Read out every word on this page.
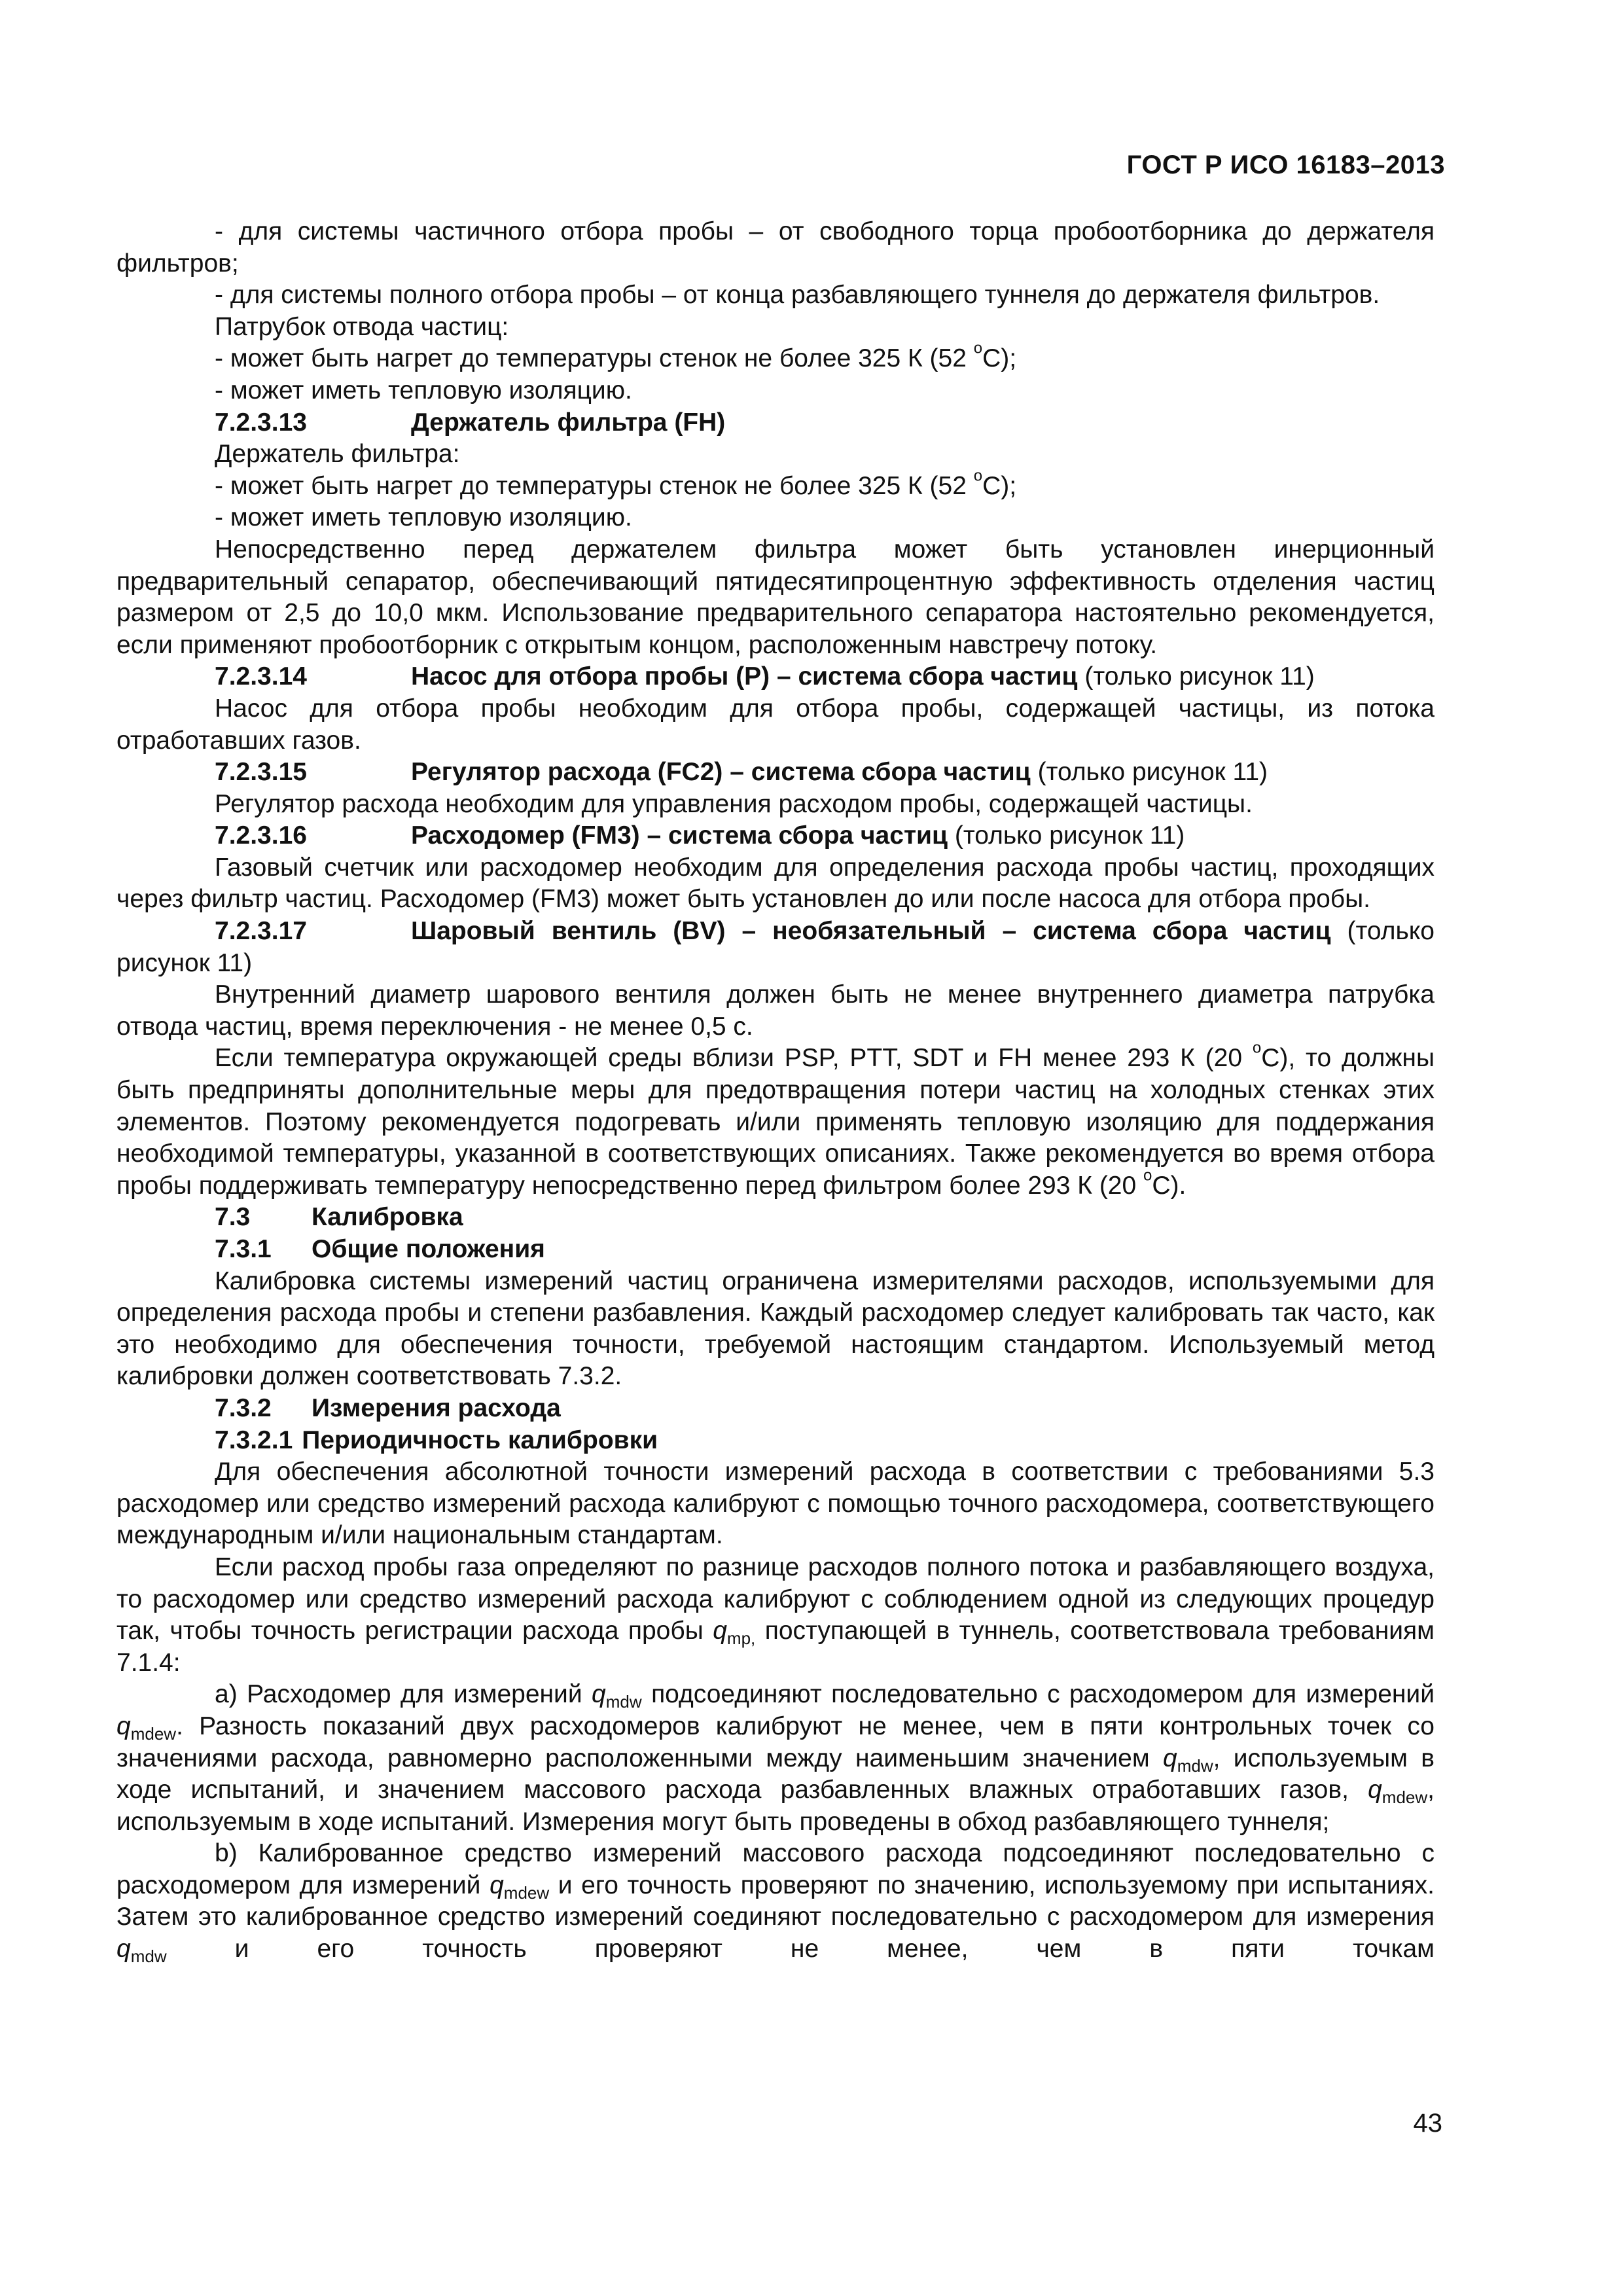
ГОСТ Р ИСО 16183–2013

- для системы частичного отбора пробы – от свободного торца пробоотборника до держателя фильтров;

- для системы полного отбора пробы – от конца разбавляющего туннеля до держателя фильтров.

Патрубок отвода частиц:

- может быть нагрет до температуры стенок не более 325 К (52 $^o$С);

- может иметь тепловую изоляцию.

7.2.3.13	Держатель фильтра (FH)

Держатель фильтра:

- может быть нагрет до температуры стенок не более 325 К (52 $^o$С);

- может иметь тепловую изоляцию.

Непосредственно перед держателем фильтра может быть установлен инерционный предварительный сепаратор, обеспечивающий пятидесятипроцентную эффективность отделения частиц размером от 2,5 до 10,0 мкм. Использование предварительного сепаратора настоятельно рекомендуется, если применяют пробоотборник с открытым концом, расположенным навстречу потоку.

7.2.3.14	Насос для отбора пробы (P) – система сбора частиц (только рисунок 11)

Насос для отбора пробы необходим для отбора пробы, содержащей частицы, из потока отработавших газов.

7.2.3.15	Регулятор расхода (FC2) – система сбора частиц (только рисунок 11)

Регулятор расхода необходим для управления расходом пробы, содержащей частицы.

7.2.3.16	Расходомер (FM3) – система сбора частиц (только рисунок 11)

Газовый счетчик или расходомер необходим для определения расхода пробы частиц, проходящих через фильтр частиц. Расходомер (FM3) может быть установлен до или после насоса для отбора пробы.

7.2.3.17	Шаровый вентиль (BV) – необязательный – система сбора частиц (только

рисунок 11)

Внутренний диаметр шарового вентиля должен быть не менее внутреннего диаметра патрубка отвода частиц, время переключения - не менее 0,5 с.

Если температура окружающей среды вблизи PSP, PTT, SDT и FH менее 293 К (20 $^o$С), то должны быть предприняты дополнительные меры для предотвращения потери частиц на холодных стенках этих элементов. Поэтому рекомендуется подогревать и/или применять тепловую изоляцию для поддержания необходимой температуры, указанной в соответствующих описаниях. Также рекомендуется во время отбора пробы поддерживать температуру непосредственно перед фильтром более 293 К (20 $^o$С).

7.3 Калибровка

7.3.1 Общие положения

Калибровка системы измерений частиц ограничена измерителями расходов, используемыми для определения расхода пробы и степени разбавления. Каждый расходомер следует калибровать так часто, как это необходимо для обеспечения точности, требуемой настоящим стандартом. Используемый метод калибровки должен соответствовать 7.3.2.

7.3.2 Измерения расхода

7.3.2.1 Периодичность калибровки

Для обеспечения абсолютной точности измерений расхода в соответствии с требованиями 5.3 расходомер или средство измерений расхода калибруют с помощью точного расходомера, соответствующего международным и/или национальным стандартам.

Если расход пробы газа определяют по разнице расходов полного потока и разбавляющего воздуха, то расходомер или средство измерений расхода калибруют с соблюдением одной из следующих процедур так, чтобы точность регистрации расхода пробы $q_{mp,}$ поступающей в туннель, соответствовала требованиям 7.1.4:

а) Расходомер для измерений $q_{mdw}$ подсоединяют последовательно с расходомером для измерений $q_{mdew}$. Разность показаний двух расходомеров калибруют не менее, чем в пяти контрольных точек со значениями расхода, равномерно расположенными между наименьшим значением $q_{mdw}$, используемым в ходе испытаний, и значением массового расхода разбавленных влажных отработавших газов, $q_{mdew}$, используемым в ходе испытаний. Измерения могут быть проведены в обход разбавляющего туннеля;

b) Калиброванное средство измерений массового расхода подсоединяют последовательно с расходомером для измерений $q_{mdew}$ и его точность проверяют по значению, используемому при испытаниях. Затем это калиброванное средство измерений соединяют последовательно с расходомером для измерения $q_{mdw}$ и его точность проверяют не менее, чем в пяти точкам

43
